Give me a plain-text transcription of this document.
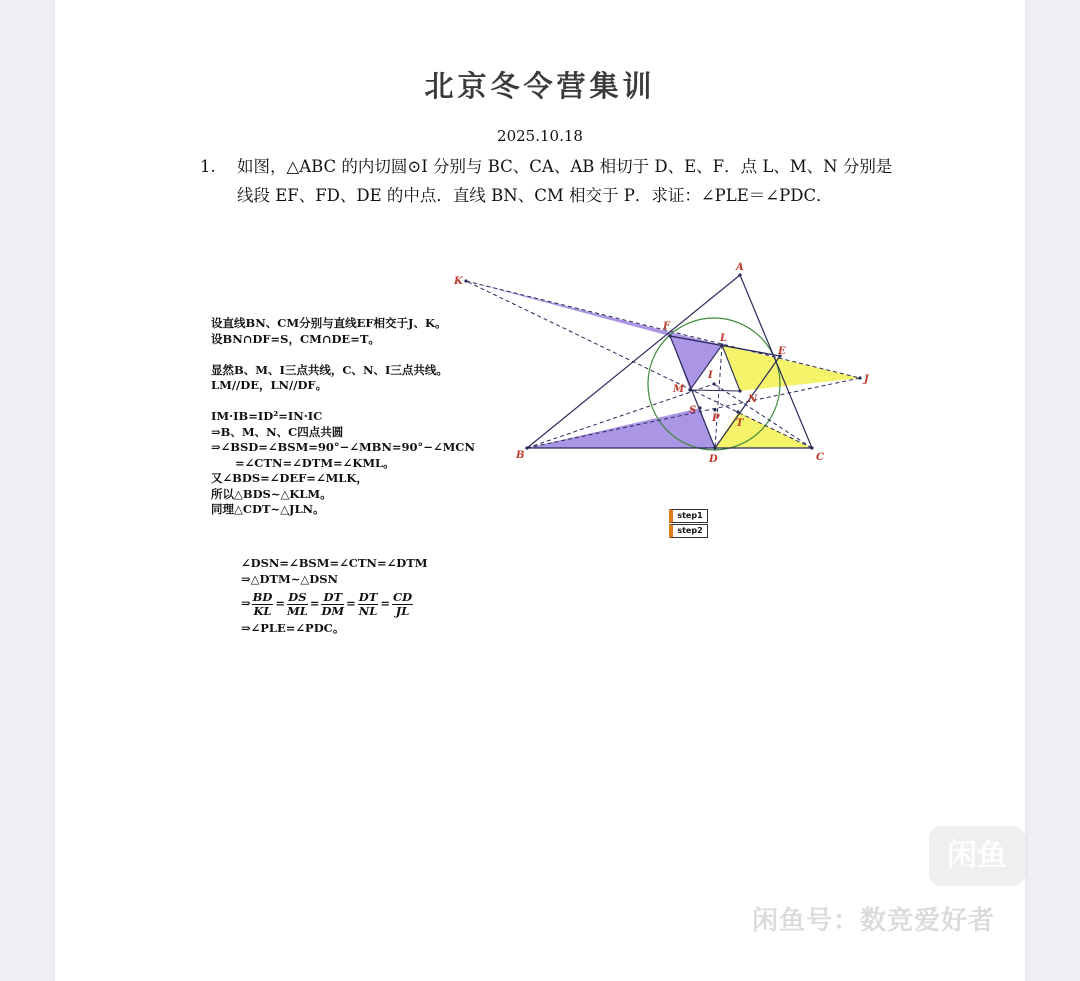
北京冬令营集训
2025.10.18
1. 如图，△ABC 的内切圆⊙I 分别与 BC、CA、AB 相切于 D、E、F．点 L、M、N 分别是线段 EF、FD、DE 的中点．直线 BN、CM 相交于 P．求证：∠PLE＝∠PDC．
A
B	C
D
E
F
I	J
K
L
M
N
P
S
T
设直线BN、CM分别与直线EF相交于J、K。
设BN∩DF=S，CM∩DE=T。

显然B、M、I三点共线，C、N、I三点共线。
LM//DE，LN//DF。

IM·IB=ID²=IN·IC
⇒B、M、N、C四点共圆
⇒∠BSD=∠BSM=90°−∠MBN=90°−∠MCN
=∠CTN=∠DTM=∠KML。
又∠BDS=∠DEF=∠MLK，
所以△BDS~△KLM。
同理△CDT~△JLN。	step1
step2
∠DSN=∠BSM=∠CTN=∠DTM
⇒△DTM~△DSN
⇒ $\frac{BD}{KL} = \frac{DS}{ML} = \frac{DT}{DM} = \frac{DT}{NL} = \frac{CD}{JL}$
⇒∠PLE=∠PDC。
闲鱼
闲鱼号：数竞爱好者
